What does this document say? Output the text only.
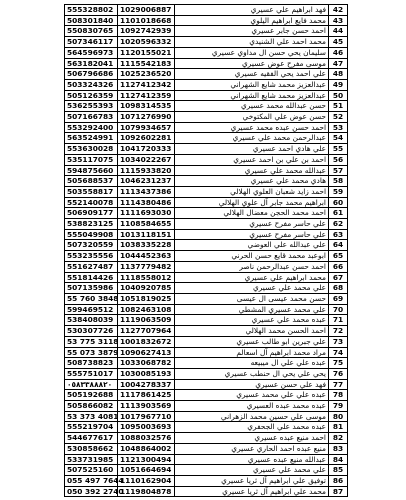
555328802	1029006887	فهد ابراهيم علي عسيري	42
508301840	1101018668	محمد فايع ابراهيم اليلوي	43
550830765	1092742939	احمد حسن جابر عسيري	44
507346117	1020596332	محمد احمد علي الشنيدي	45
564596973	1120155021	سليمان يحي حسن ال مداوي عسيري	46
563182041	1115542183	موسى مفرح عوض عسيري	47
506796686	1025236520	علي احمد يحي الفقيه عسيري	48
503324326	1127412342	عبدالعزيز محمد شايع الشهراني	49
505126359	1127412359	عبدالعزيز محمد شايع الشهراني	50
536255393	1098314535	حسن عبدالله محمد عسيري	51
507166783	1071276990	حسن عوض علي المكتوخي	52
553292400	1079934657	احمد حسن عبده محمد عسيري	53
563524991	1092602281	عبدالرحمن محمد علي عسيري	54
553630028	1041720333	علي هادي احمد عسيري	55
535117075	1034022267	احمد بن علي بن احمد عسيري	56
594875660	1115933820	عبدالله محمد علي عسيري	57
505688537	1046231237	هادي محمد علي عسيري	58
503558817	1113437386	احمد زايد شعبان العلوي الهلالي	59
552140078	1114380486	ابراهيم محمد جابر آل علوي الهلالي	60
506909177	1111693030	احمد محمد الحجن معضال الهلالي	61
538823125	1108584655	علي حاسر مفرح عسيري	62
555049908	1013118151	علي حاسر مفرح عسيري	63
507320559	1038335228	علي عبدالله علي العوضي	64
553235556	1044452363	ابوعبد محمد قايع حسن الحرني	65
551627487	1137779482	احمد حسن عبدالرحمن ناصر	66
551814426	1118558012	محمد ابراهيم علي عسيري	67
507135986	1040920785	علي محمد علي عسيري	68
55 760 3848	1051819025	حسن محمد عيسى ال عيسى	69
599469512	1082463108	علي محمد عسيري المشطي	70
538408039	1119063509	عبده محمد علي عسيري	71
530307726	1127707964	احمد الحسن محمد الهلالي	72
53 775 3118	1001832672	علي جبرين ابو طالب عسيري	73
55 073 3879	1090627413	مراد محمد ابراهيم آل اسعالم	74
508738823	1033068782	عبده علي علي ال ميبيعه	75
555751017	1030085193	يحي علي يحي ال حنطب عسيري	76
٠٥٨٣٣٨٨٨٢٠	1004278337	فهد علي حسن عسيري	77
505192688	1117861425	عبده علي علي محمد عسيري	78
505866082	1113903569	عبده محمد عبده العسيري	79
53 373 4081	1017967710	موسى علي حسين محمد الزهراني	80
555219704	1095003693	عبده محمد علي الجحفري	81
544677617	1088032576	احمد منيع عبده عسيري	82
530858662	1048864002	منيع عبده احمد الحاري عسيري	83
533731985	1121300494	عبدالله منيع عبده عسيري	84
507525160	1051664694	علي محمد علي عسيري	85
055 497 7644	1110162904	توفيق علي ابراهيم آل ثريا عسيري	86
050 392 2740	1119804878	محمد علي ابراهيم آل ثريا عسيري	87
